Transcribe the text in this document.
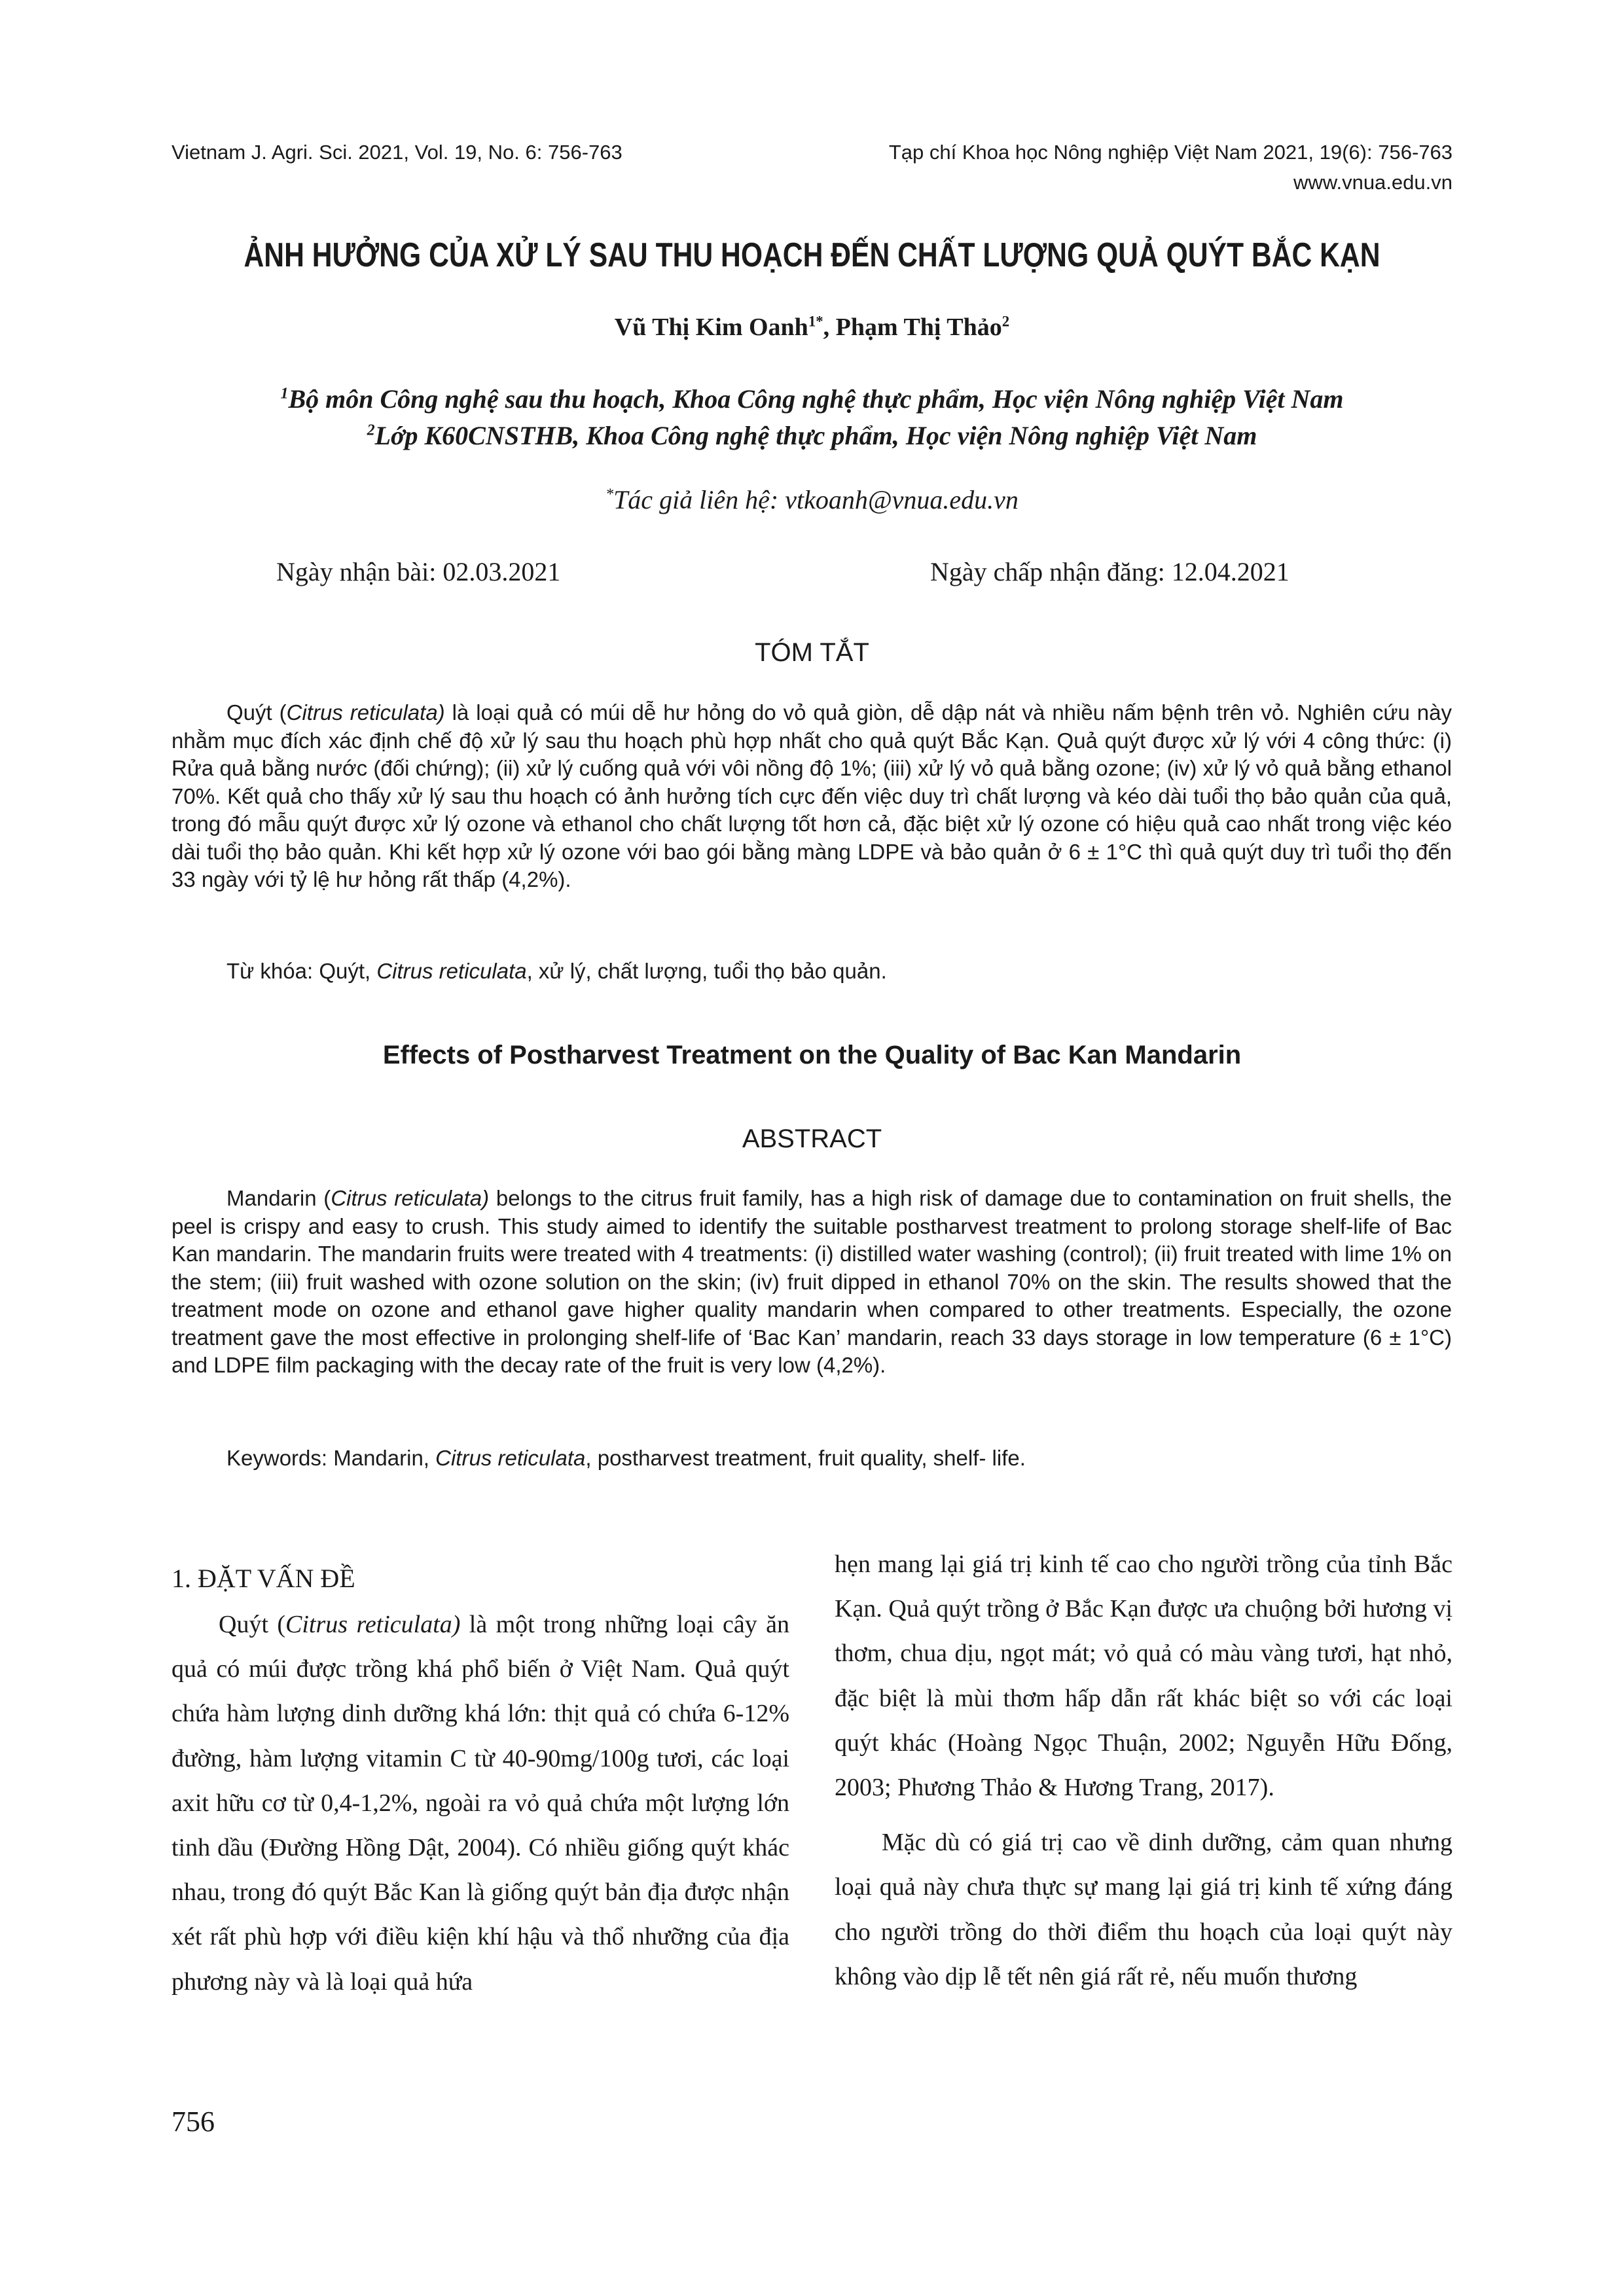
Vietnam J. Agri. Sci. 2021, Vol. 19, No. 6: 756-763	Tạp chí Khoa học Nông nghiệp Việt Nam 2021, 19(6): 756-763
www.vnua.edu.vn
ẢNH HƯỞNG CỦA XỬ LÝ SAU THU HOẠCH ĐẾN CHẤT LƯỢNG QUẢ QUÝT BẮC KẠN
Vũ Thị Kim Oanh$^{1*}$, Phạm Thị Thảo$^2$
$^1$Bộ môn Công nghệ sau thu hoạch, Khoa Công nghệ thực phẩm, Học viện Nông nghiệp Việt Nam
$^2$Lớp K60CNSTHB, Khoa Công nghệ thực phẩm, Học viện Nông nghiệp Việt Nam
*Tác giả liên hệ: vtkoanh@vnua.edu.vn
Ngày nhận bài: 02.03.2021	Ngày chấp nhận đăng: 12.04.2021
TÓM TẮT

Quýt (Citrus reticulata) là loại quả có múi dễ hư hỏng do vỏ quả giòn, dễ dập nát và nhiều nấm bệnh trên vỏ. Nghiên cứu này nhằm mục đích xác định chế độ xử lý sau thu hoạch phù hợp nhất cho quả quýt Bắc Kạn. Quả quýt được xử lý với 4 công thức: (i) Rửa quả bằng nước (đối chứng); (ii) xử lý cuống quả với vôi nồng độ 1%; (iii) xử lý vỏ quả bằng ozone; (iv) xử lý vỏ quả bằng ethanol 70%. Kết quả cho thấy xử lý sau thu hoạch có ảnh hưởng tích cực đến việc duy trì chất lượng và kéo dài tuổi thọ bảo quản của quả, trong đó mẫu quýt được xử lý ozone và ethanol cho chất lượng tốt hơn cả, đặc biệt xử lý ozone có hiệu quả cao nhất trong việc kéo dài tuổi thọ bảo quản. Khi kết hợp xử lý ozone với bao gói bằng màng LDPE và bảo quản ở 6 ± 1°C thì quả quýt duy trì tuổi thọ đến 33 ngày với tỷ lệ hư hỏng rất thấp (4,2%).

Từ khóa: Quýt, Citrus reticulata, xử lý, chất lượng, tuổi thọ bảo quản.

Effects of Postharvest Treatment on the Quality of Bac Kan Mandarin
ABSTRACT

Mandarin (Citrus reticulata) belongs to the citrus fruit family, has a high risk of damage due to contamination on fruit shells, the peel is crispy and easy to crush. This study aimed to identify the suitable postharvest treatment to prolong storage shelf-life of Bac Kan mandarin. The mandarin fruits were treated with 4 treatments: (i) distilled water washing (control); (ii) fruit treated with lime 1% on the stem; (iii) fruit washed with ozone solution on the skin; (iv) fruit dipped in ethanol 70% on the skin. The results showed that the treatment mode on ozone and ethanol gave higher quality mandarin when compared to other treatments. Especially, the ozone treatment gave the most effective in prolonging shelf-life of ‘Bac Kan’ mandarin, reach 33 days storage in low temperature (6 ± 1°C) and LDPE film packaging with the decay rate of the fruit is very low (4,2%).

Keywords: Mandarin, Citrus reticulata, postharvest treatment, fruit quality, shelf- life.

1. ĐẶT VẤN ĐỀ

Quýt (Citrus reticulata) là một trong những loại cây ăn quả có múi được trồng khá phổ biến ở Việt Nam. Quả quýt chứa hàm lượng dinh dưỡng khá lớn: thịt quả có chứa 6-12% đường, hàm lượng vitamin C từ 40-90mg/100g tươi, các loại axit hữu cơ từ 0,4-1,2%, ngoài ra vỏ quả chứa một lượng lớn tinh dầu (Đường Hồng Dật, 2004). Có nhiều giống quýt khác nhau, trong đó quýt Bắc Kan là giống quýt bản địa được nhận xét rất phù hợp với điều kiện khí hậu và thổ nhưỡng của địa phương này và là loại quả hứa

hẹn mang lại giá trị kinh tế cao cho người trồng của tỉnh Bắc Kạn. Quả quýt trồng ở Bắc Kạn được ưa chuộng bởi hương vị thơm, chua dịu, ngọt mát; vỏ quả có màu vàng tươi, hạt nhỏ, đặc biệt là mùi thơm hấp dẫn rất khác biệt so với các loại quýt khác (Hoàng Ngọc Thuận, 2002; Nguyễn Hữu Đống, 2003; Phương Thảo & Hương Trang, 2017).

Mặc dù có giá trị cao về dinh dưỡng, cảm quan nhưng loại quả này chưa thực sự mang lại giá trị kinh tế xứng đáng cho người trồng do thời điểm thu hoạch của loại quýt này không vào dịp lễ tết nên giá rất rẻ, nếu muốn thương

756
